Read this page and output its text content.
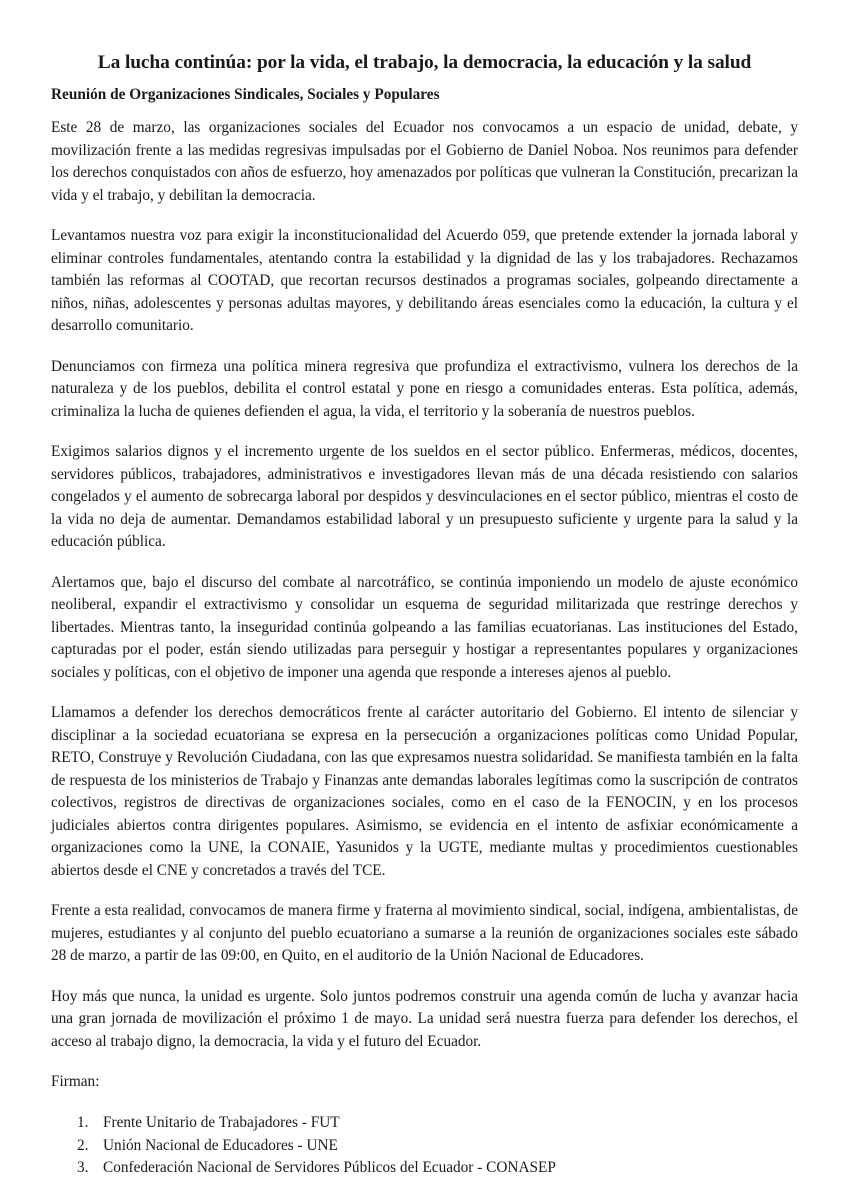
La lucha continúa: por la vida, el trabajo, la democracia, la educación y la salud
Reunión de Organizaciones Sindicales, Sociales y Populares

Este 28 de marzo, las organizaciones sociales del Ecuador nos convocamos a un espacio de unidad, debate, y movilización frente a las medidas regresivas impulsadas por el Gobierno de Daniel Noboa. Nos reunimos para defender los derechos conquistados con años de esfuerzo, hoy amenazados por políticas que vulneran la Constitución, precarizan la vida y el trabajo, y debilitan la democracia.

Levantamos nuestra voz para exigir la inconstitucionalidad del Acuerdo 059, que pretende extender la jornada laboral y eliminar controles fundamentales, atentando contra la estabilidad y la dignidad de las y los trabajadores. Rechazamos también las reformas al COOTAD, que recortan recursos destinados a programas sociales, golpeando directamente a niños, niñas, adolescentes y personas adultas mayores, y debilitando áreas esenciales como la educación, la cultura y el desarrollo comunitario.

Denunciamos con firmeza una política minera regresiva que profundiza el extractivismo, vulnera los derechos de la naturaleza y de los pueblos, debilita el control estatal y pone en riesgo a comunidades enteras. Esta política, además, criminaliza la lucha de quienes defienden el agua, la vida, el territorio y la soberanía de nuestros pueblos.

Exigimos salarios dignos y el incremento urgente de los sueldos en el sector público. Enfermeras, médicos, docentes, servidores públicos, trabajadores, administrativos e investigadores llevan más de una década resistiendo con salarios congelados y el aumento de sobrecarga laboral por despidos y desvinculaciones en el sector público, mientras el costo de la vida no deja de aumentar. Demandamos estabilidad laboral y un presupuesto suficiente y urgente para la salud y la educación pública.

Alertamos que, bajo el discurso del combate al narcotráfico, se continúa imponiendo un modelo de ajuste económico neoliberal, expandir el extractivismo y consolidar un esquema de seguridad militarizada que restringe derechos y libertades. Mientras tanto, la inseguridad continúa golpeando a las familias ecuatorianas. Las instituciones del Estado, capturadas por el poder, están siendo utilizadas para perseguir y hostigar a representantes populares y organizaciones sociales y políticas, con el objetivo de imponer una agenda que responde a intereses ajenos al pueblo.

Llamamos a defender los derechos democráticos frente al carácter autoritario del Gobierno. El intento de silenciar y disciplinar a la sociedad ecuatoriana se expresa en la persecución a organizaciones políticas como Unidad Popular, RETO, Construye y Revolución Ciudadana, con las que expresamos nuestra solidaridad. Se manifiesta también en la falta de respuesta de los ministerios de Trabajo y Finanzas ante demandas laborales legítimas como la suscripción de contratos colectivos, registros de directivas de organizaciones sociales, como en el caso de la FENOCIN, y en los procesos judiciales abiertos contra dirigentes populares. Asimismo, se evidencia en el intento de asfixiar económicamente a organizaciones como la UNE, la CONAIE, Yasunidos y la UGTE, mediante multas y procedimientos cuestionables abiertos desde el CNE y concretados a través del TCE.

Frente a esta realidad, convocamos de manera firme y fraterna al movimiento sindical, social, indígena, ambientalistas, de mujeres, estudiantes y al conjunto del pueblo ecuatoriano a sumarse a la reunión de organizaciones sociales este sábado 28 de marzo, a partir de las 09:00, en Quito, en el auditorio de la Unión Nacional de Educadores.

Hoy más que nunca, la unidad es urgente. Solo juntos podremos construir una agenda común de lucha y avanzar hacia una gran jornada de movilización el próximo 1 de mayo. La unidad será nuestra fuerza para defender los derechos, el acceso al trabajo digno, la democracia, la vida y el futuro del Ecuador.

Firman:
1. Frente Unitario de Trabajadores - FUT
2. Unión Nacional de Educadores - UNE
3. Confederación Nacional de Servidores Públicos del Ecuador - CONASEP
